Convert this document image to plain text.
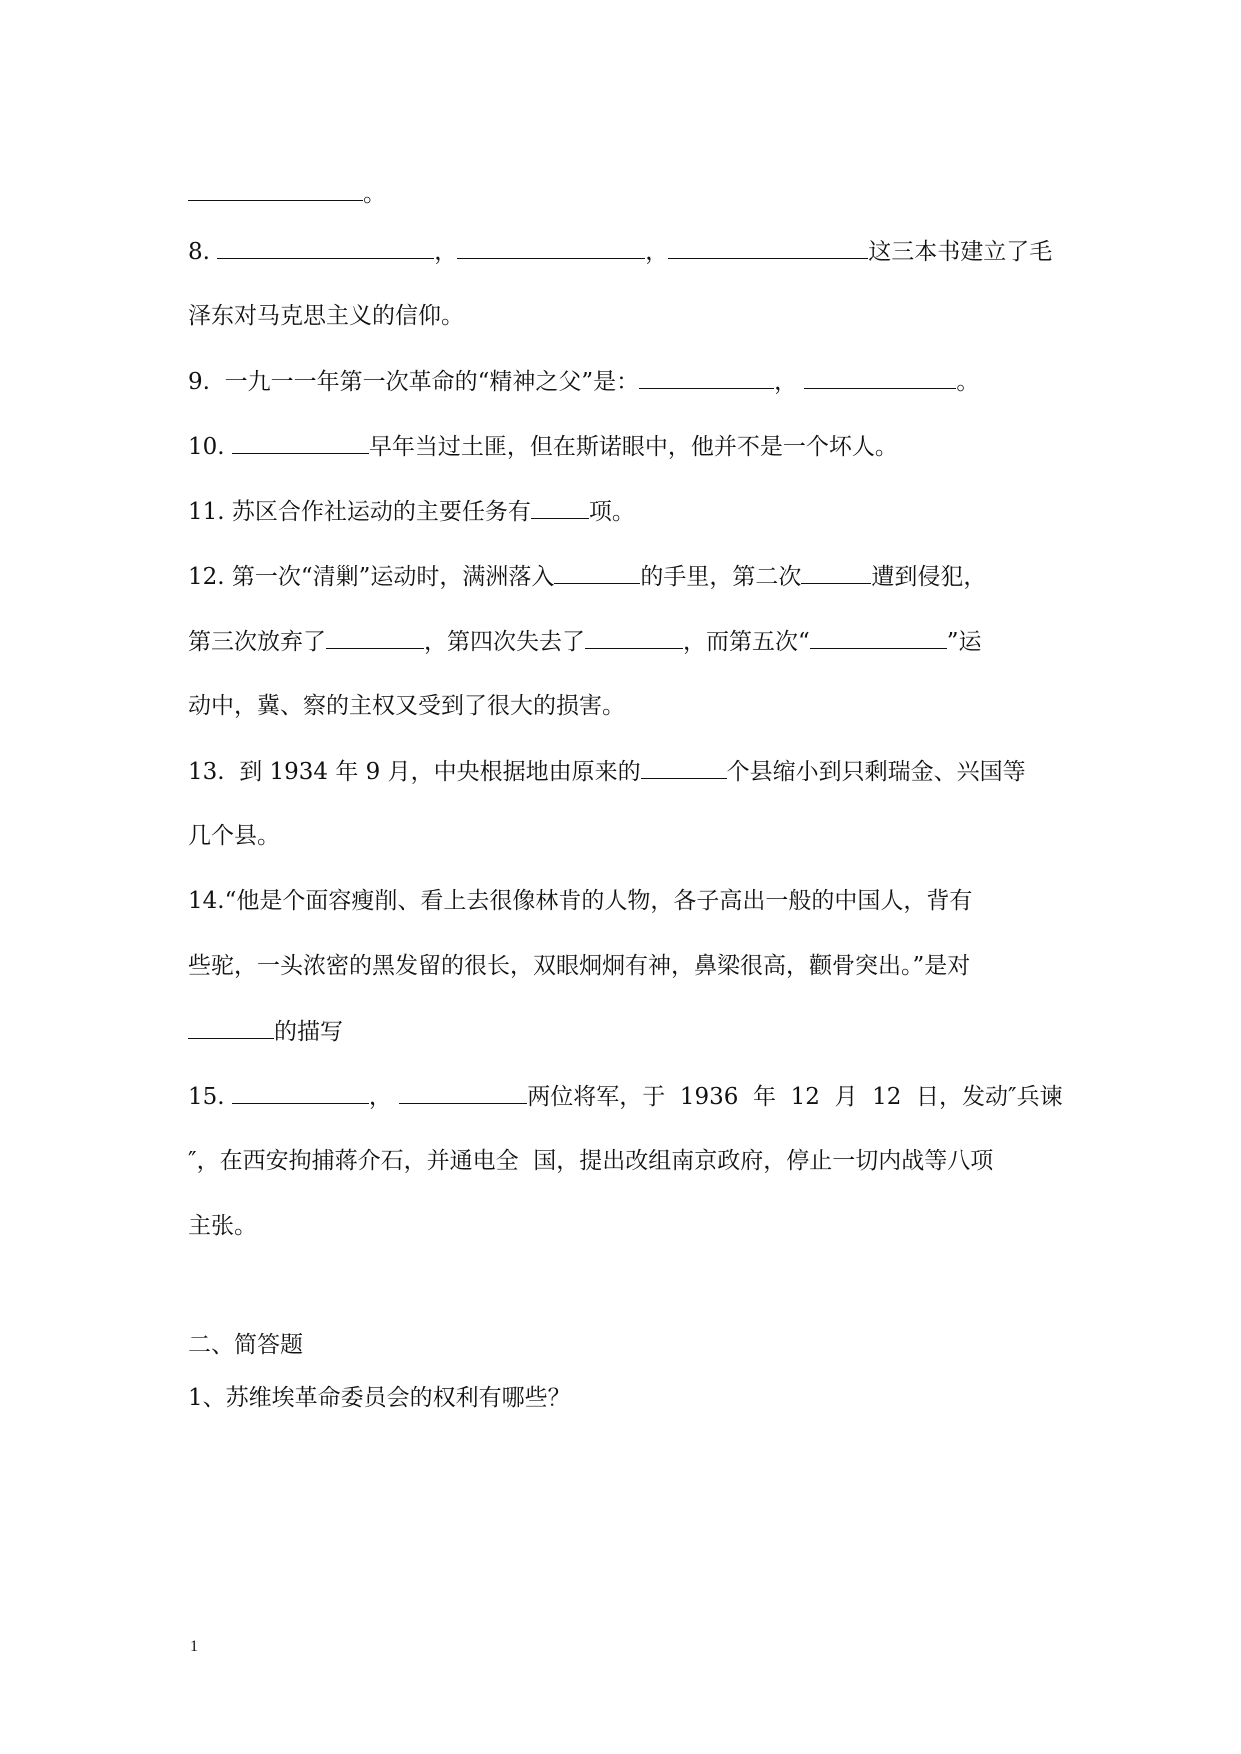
。
8.	，	，	这三本书建立了毛
泽东对马克思主义的信仰。
9.  一九一一年第一次革命的“精神之父”是：	，	。
10.	早年当过土匪，但在斯诺眼中，他并不是一个坏人。
11. 苏区合作社运动的主要任务有	项。
12. 第一次“清剿”运动时，满洲落入	的手里，第二次	遭到侵犯，
第三次放弃了	，第四次失去了	，而第五次“	”运
动中，冀、察的主权又受到了很大的损害。
13.  到 1934 年 9 月，中央根据地由原来的	个县缩小到只剩瑞金、兴国等
几个县。
14.“他是个面容瘦削、看上去很像林肯的人物，各子高出一般的中国人，背有
些驼，一头浓密的黑发留的很长，双眼炯炯有神，鼻梁很高，颧骨突出。”是对
的描写
15.	，	两位将军，于  1936  年  12  月  12  日，发动″兵谏
″，在西安拘捕蒋介石，并通电全  国，提出改组南京政府，停止一切内战等八项
主张。
二、简答题
1、苏维埃革命委员会的权利有哪些？
1
